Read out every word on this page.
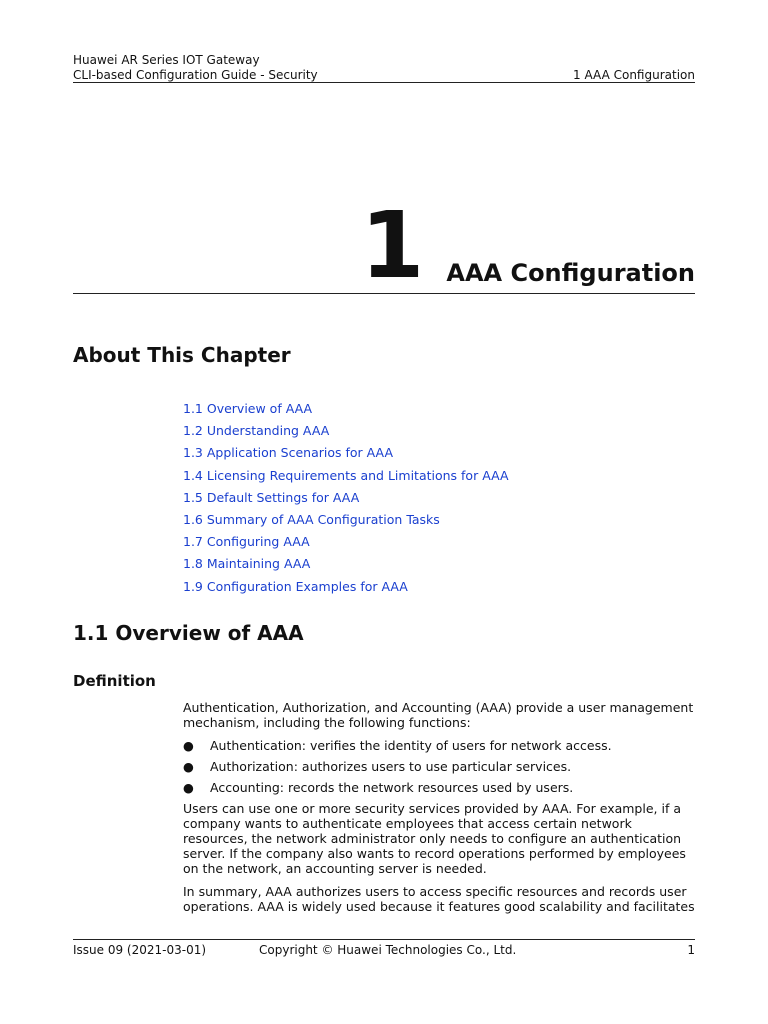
Huawei AR Series IOT Gateway
CLI-based Configuration Guide - Security	1 AAA Configuration
1 AAA Configuration
About This Chapter
1.1 Overview of AAA
1.2 Understanding AAA
1.3 Application Scenarios for AAA
1.4 Licensing Requirements and Limitations for AAA
1.5 Default Settings for AAA
1.6 Summary of AAA Configuration Tasks
1.7 Configuring AAA
1.8 Maintaining AAA
1.9 Configuration Examples for AAA
1.1 Overview of AAA
Definition

Authentication, Authorization, and Accounting (AAA) provide a user management mechanism, including the following functions:

● Authentication: verifies the identity of users for network access.
● Authorization: authorizes users to use particular services.
● Accounting: records the network resources used by users.

Users can use one or more security services provided by AAA. For example, if a company wants to authenticate employees that access certain network resources, the network administrator only needs to configure an authentication server. If the company also wants to record operations performed by employees on the network, an accounting server is needed.

In summary, AAA authorizes users to access specific resources and records user operations. AAA is widely used because it features good scalability and facilitates

Issue 09 (2021-03-01)	Copyright © Huawei Technologies Co., Ltd.	1
